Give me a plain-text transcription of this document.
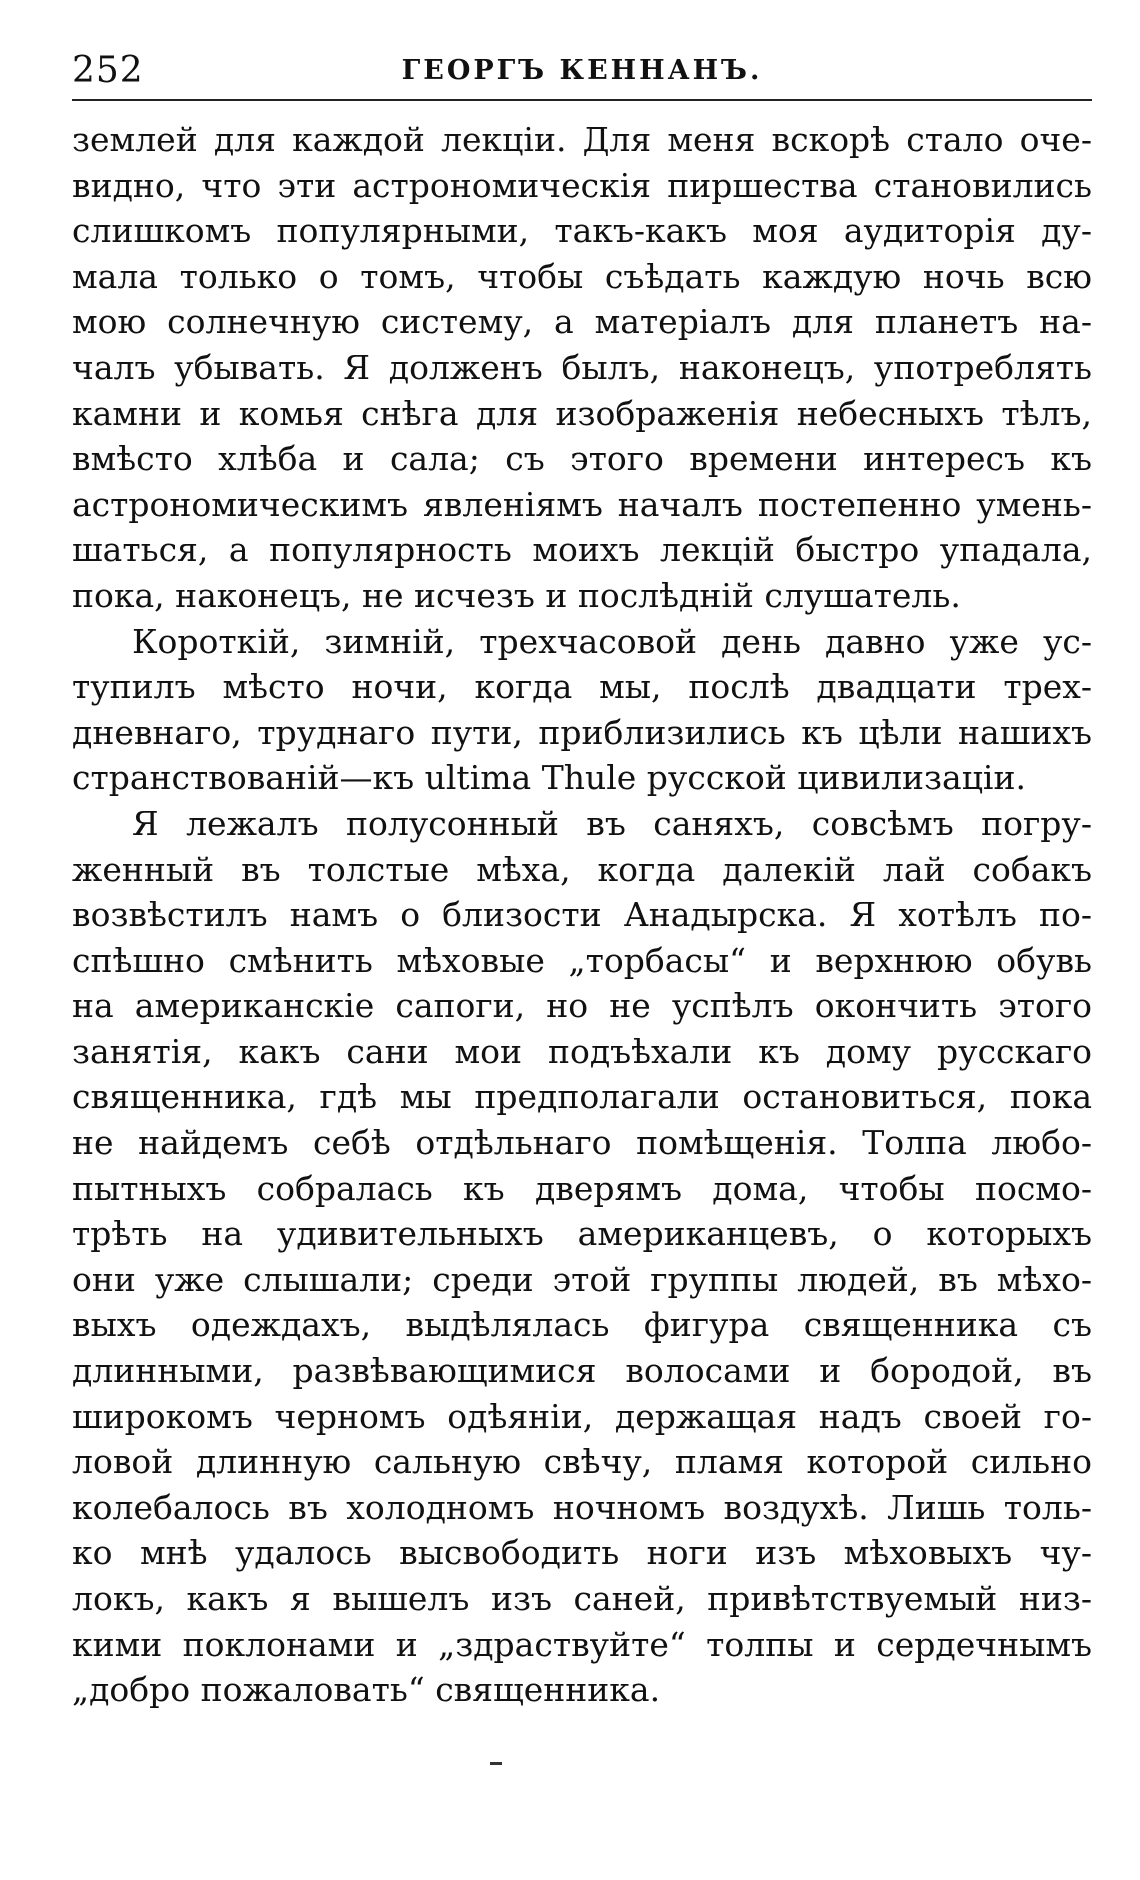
252	ГЕОРГЪ КЕННАНЪ.
землей для каждой лекціи. Для меня вскорѣ стало оче-
видно, что эти астрономическія пиршества становились
слишкомъ популярными, такъ-какъ моя аудиторія ду-
мала только о томъ, чтобы съѣдать каждую ночь всю
мою солнечную систему, а матеріалъ для планетъ на-
чалъ убывать. Я долженъ былъ, наконецъ, употреблять
камни и комья снѣга для изображенія небесныхъ тѣлъ,
вмѣсто хлѣба и сала; съ этого времени интересъ къ
астрономическимъ явленіямъ началъ постепенно умень-
шаться, а популярность моихъ лекцій быстро упадала,
пока, наконецъ, не исчезъ и послѣдній слушатель.
Короткій, зимній, трехчасовой день давно уже ус-
тупилъ мѣсто ночи, когда мы, послѣ двадцати трех-
дневнаго, труднаго пути, приблизились къ цѣли нашихъ
странствованій—къ ultima Thule русской цивилизаціи.
Я лежалъ полусонный въ саняхъ, совсѣмъ погру-
женный въ толстые мѣха, когда далекій лай собакъ
возвѣстилъ намъ о близости Анадырска. Я хотѣлъ по-
спѣшно смѣнить мѣховые „торбасы“ и верхнюю обувь
на американскіе сапоги, но не успѣлъ окончить этого
занятія, какъ сани мои подъѣхали къ дому русскаго
священника, гдѣ мы предполагали остановиться, пока
не найдемъ себѣ отдѣльнаго помѣщенія. Толпа любо-
пытныхъ собралась къ дверямъ дома, чтобы посмо-
трѣть на удивительныхъ американцевъ, о которыхъ
они уже слышали; среди этой группы людей, въ мѣхо-
выхъ одеждахъ, выдѣлялась фигура священника съ
длинными, развѣвающимися волосами и бородой, въ
широкомъ черномъ одѣяніи, держащая надъ своей го-
ловой длинную сальную свѣчу, пламя которой сильно
колебалось въ холодномъ ночномъ воздухѣ. Лишь толь-
ко мнѣ удалось высвободить ноги изъ мѣховыхъ чу-
локъ, какъ я вышелъ изъ саней, привѣтствуемый низ-
кими поклонами и „здраствуйте“ толпы и сердечнымъ
„добро пожаловать“ священника.
